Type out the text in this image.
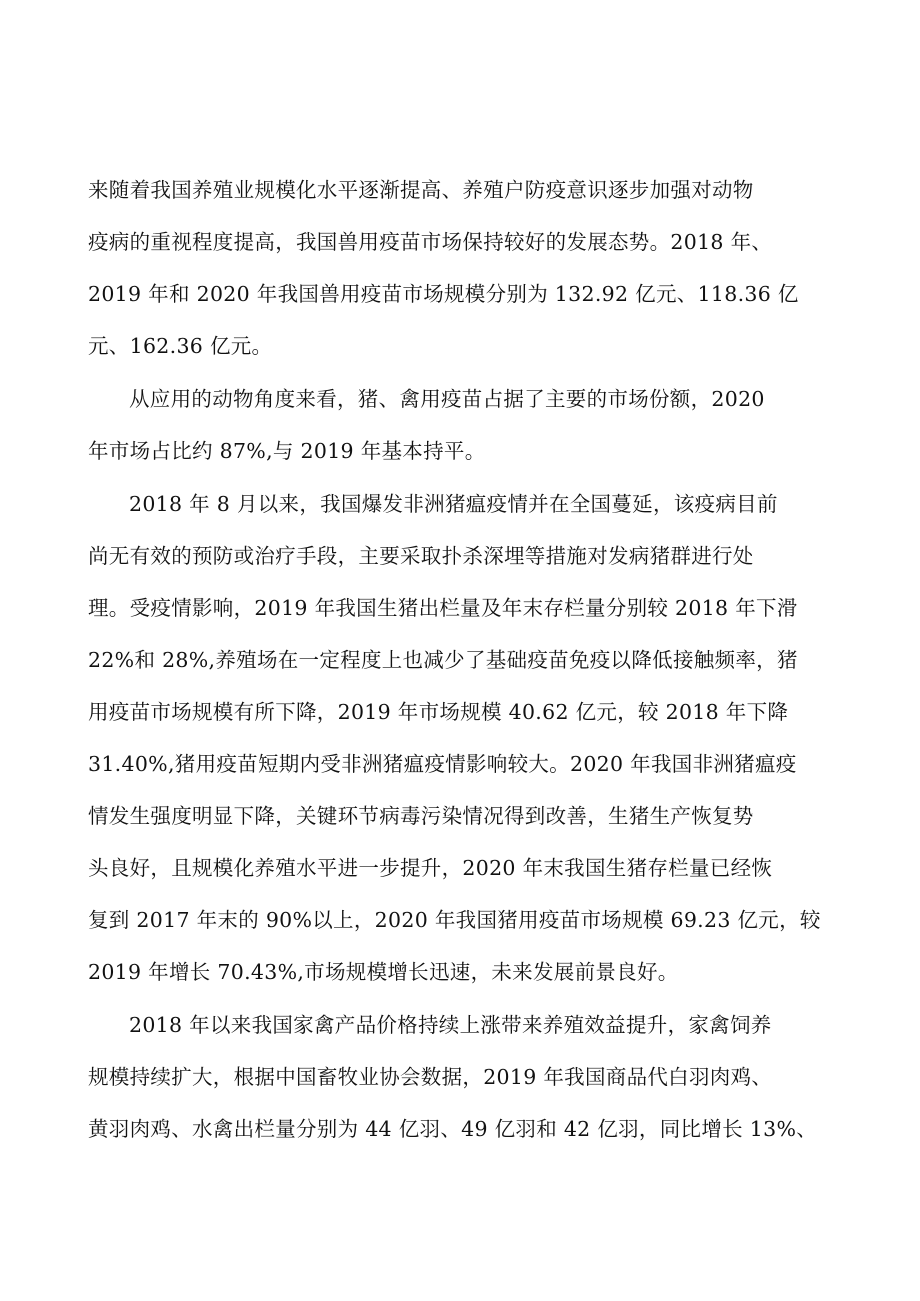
来随着我国养殖业规模化水平逐渐提高、养殖户防疫意识逐步加强对动物
疫病的重视程度提高，我国兽用疫苗市场保持较好的发展态势。2018 年、
2019 年和 2020 年我国兽用疫苗市场规模分别为 132.92 亿元、118.36 亿
元、162.36 亿元。
从应用的动物角度来看，猪、禽用疫苗占据了主要的市场份额，2020
年市场占比约 87%,与 2019 年基本持平。
2018 年 8 月以来，我国爆发非洲猪瘟疫情并在全国蔓延，该疫病目前
尚无有效的预防或治疗手段，主要采取扑杀深埋等措施对发病猪群进行处
理。受疫情影响，2019 年我国生猪出栏量及年末存栏量分别较 2018 年下滑
22%和 28%,养殖场在一定程度上也减少了基础疫苗免疫以降低接触频率，猪
用疫苗市场规模有所下降，2019 年市场规模 40.62 亿元，较 2018 年下降
31.40%,猪用疫苗短期内受非洲猪瘟疫情影响较大。2020 年我国非洲猪瘟疫
情发生强度明显下降，关键环节病毒污染情况得到改善，生猪生产恢复势
头良好，且规模化养殖水平进一步提升，2020 年末我国生猪存栏量已经恢
复到 2017 年末的 90%以上，2020 年我国猪用疫苗市场规模 69.23 亿元，较
2019 年增长 70.43%,市场规模增长迅速，未来发展前景良好。
2018 年以来我国家禽产品价格持续上涨带来养殖效益提升，家禽饲养
规模持续扩大，根据中国畜牧业协会数据，2019 年我国商品代白羽肉鸡、
黄羽肉鸡、水禽出栏量分别为 44 亿羽、49 亿羽和 42 亿羽，同比增长 13%、
